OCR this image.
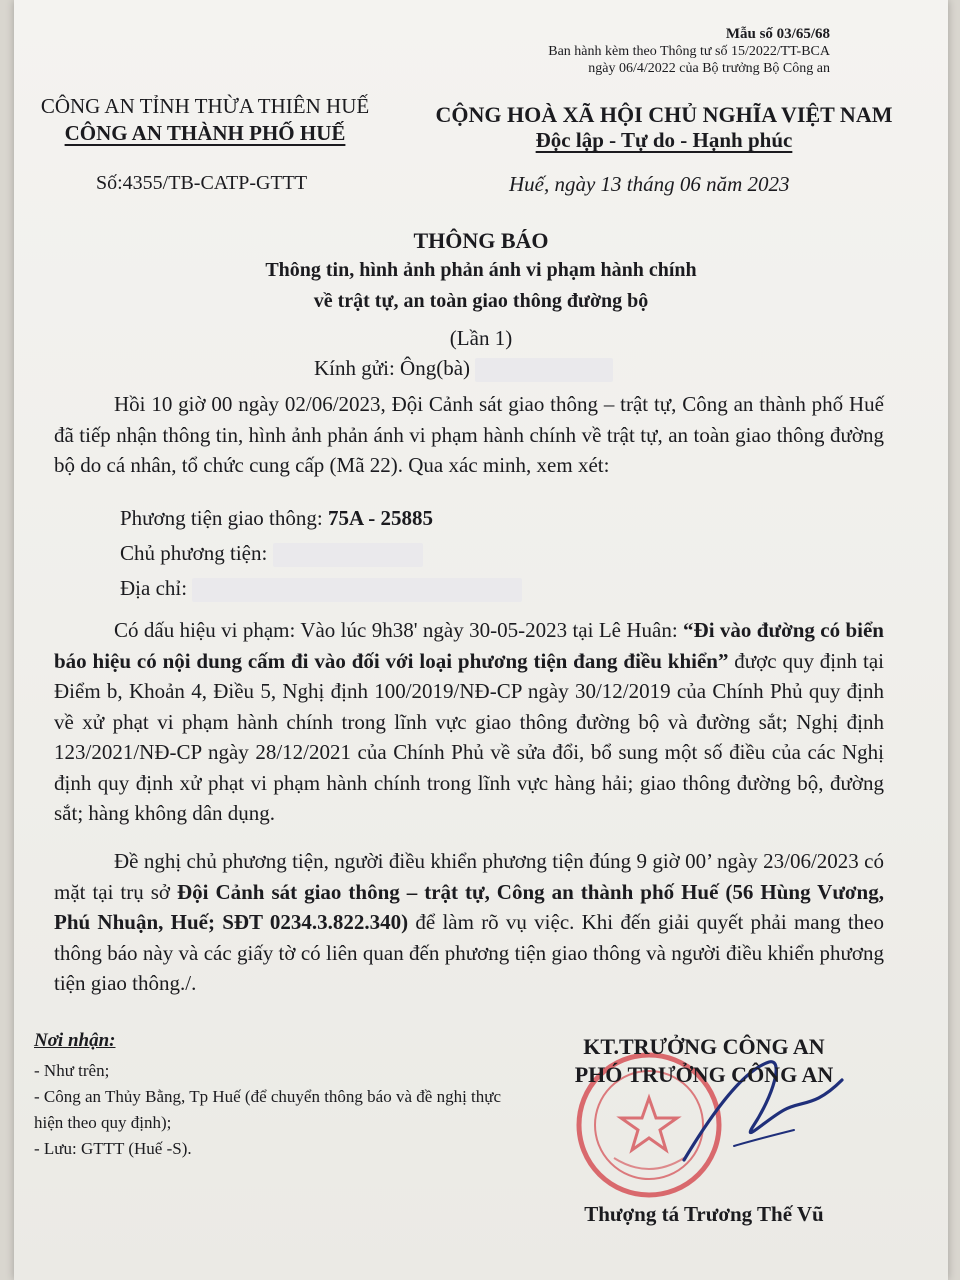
Mẫu số 03/65/68
Ban hành kèm theo Thông tư số 15/2022/TT-BCA
ngày 06/4/2022 của Bộ trưởng Bộ Công an
CÔNG AN TỈNH THỪA THIÊN HUẾ
CÔNG AN THÀNH PHỐ HUẾ
CỘNG HOÀ XÃ HỘI CHỦ NGHĨA VIỆT NAM
Độc lập - Tự do - Hạnh phúc
Số:4355/TB-CATP-GTTT	Huế, ngày 13 tháng 06 năm 2023
THÔNG BÁO
Thông tin, hình ảnh phản ánh vi phạm hành chính
về trật tự, an toàn giao thông đường bộ
(Lần 1)
Kính gửi: Ông(bà)
Hồi 10 giờ 00 ngày 02/06/2023, Đội Cảnh sát giao thông – trật tự, Công an thành phố Huế đã tiếp nhận thông tin, hình ảnh phản ánh vi phạm hành chính về trật tự, an toàn giao thông đường bộ do cá nhân, tổ chức cung cấp (Mã 22). Qua xác minh, xem xét:
Phương tiện giao thông: 75A - 25885
Chủ phương tiện:
Địa chỉ:
Có dấu hiệu vi phạm: Vào lúc 9h38' ngày 30-05-2023 tại Lê Huân: “Đi vào đường có biển báo hiệu có nội dung cấm đi vào đối với loại phương tiện đang điều khiển” được quy định tại Điểm b, Khoản 4, Điều 5, Nghị định 100/2019/NĐ-CP ngày 30/12/2019 của Chính Phủ quy định về xử phạt vi phạm hành chính trong lĩnh vực giao thông đường bộ và đường sắt; Nghị định 123/2021/NĐ-CP ngày 28/12/2021 của Chính Phủ về sửa đổi, bổ sung một số điều của các Nghị định quy định xử phạt vi phạm hành chính trong lĩnh vực hàng hải; giao thông đường bộ, đường sắt; hàng không dân dụng.
Đề nghị chủ phương tiện, người điều khiển phương tiện đúng 9 giờ 00’ ngày 23/06/2023 có mặt tại trụ sở Đội Cảnh sát giao thông – trật tự, Công an thành phố Huế (56 Hùng Vương, Phú Nhuận, Huế; SĐT 0234.3.822.340) để làm rõ vụ việc. Khi đến giải quyết phải mang theo thông báo này và các giấy tờ có liên quan đến phương tiện giao thông và người điều khiển phương tiện giao thông./.
Nơi nhận:
- Như trên;
- Công an Thủy Bằng, Tp Huế (để chuyển thông báo và đề nghị thực hiện theo quy định);
- Lưu: GTTT (Huế -S).
KT.TRƯỞNG CÔNG AN
PHÓ TRƯỞNG CÔNG AN
Thượng tá Trương Thế Vũ
